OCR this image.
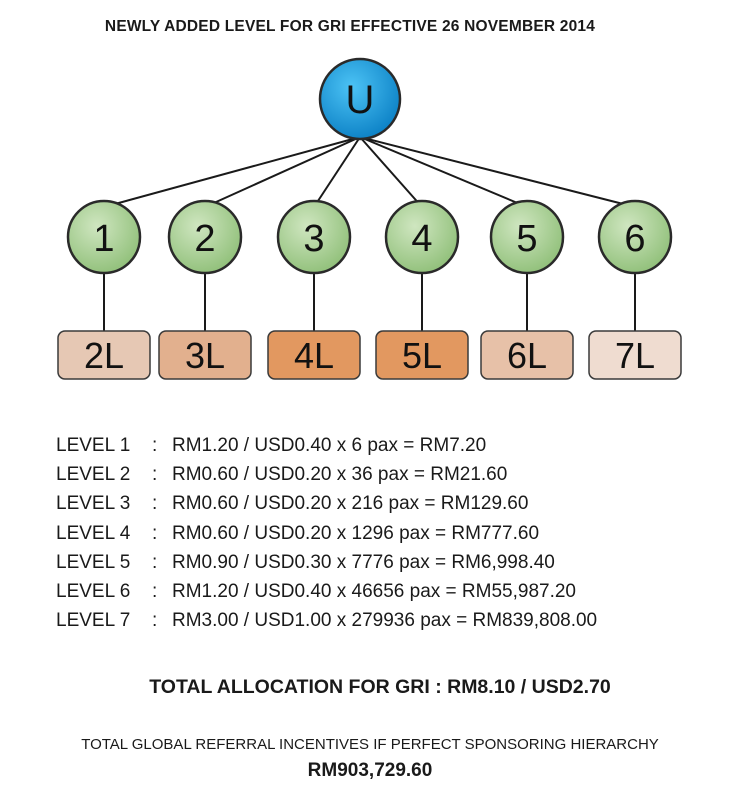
NEWLY ADDED LEVEL FOR GRI EFFECTIVE 26 NOVEMBER 2014
U
1
2L
2
3L
3
4L
4
5L
5
6L
6
7L
LEVEL 1	: RM1.20 / USD0.40 x 6 pax = RM7.20
LEVEL 2	: RM0.60 / USD0.20 x 36 pax = RM21.60
LEVEL 3	: RM0.60 / USD0.20 x 216 pax = RM129.60
LEVEL 4	: RM0.60 / USD0.20 x 1296 pax = RM777.60
LEVEL 5	: RM0.90 / USD0.30 x 7776 pax = RM6,998.40
LEVEL 6	: RM1.20 / USD0.40 x 46656 pax = RM55,987.20
LEVEL 7	: RM3.00 / USD1.00 x 279936 pax = RM839,808.00
TOTAL ALLOCATION FOR GRI : RM8.10 / USD2.70
TOTAL GLOBAL REFERRAL INCENTIVES IF PERFECT SPONSORING HIERARCHY
RM903,729.60
